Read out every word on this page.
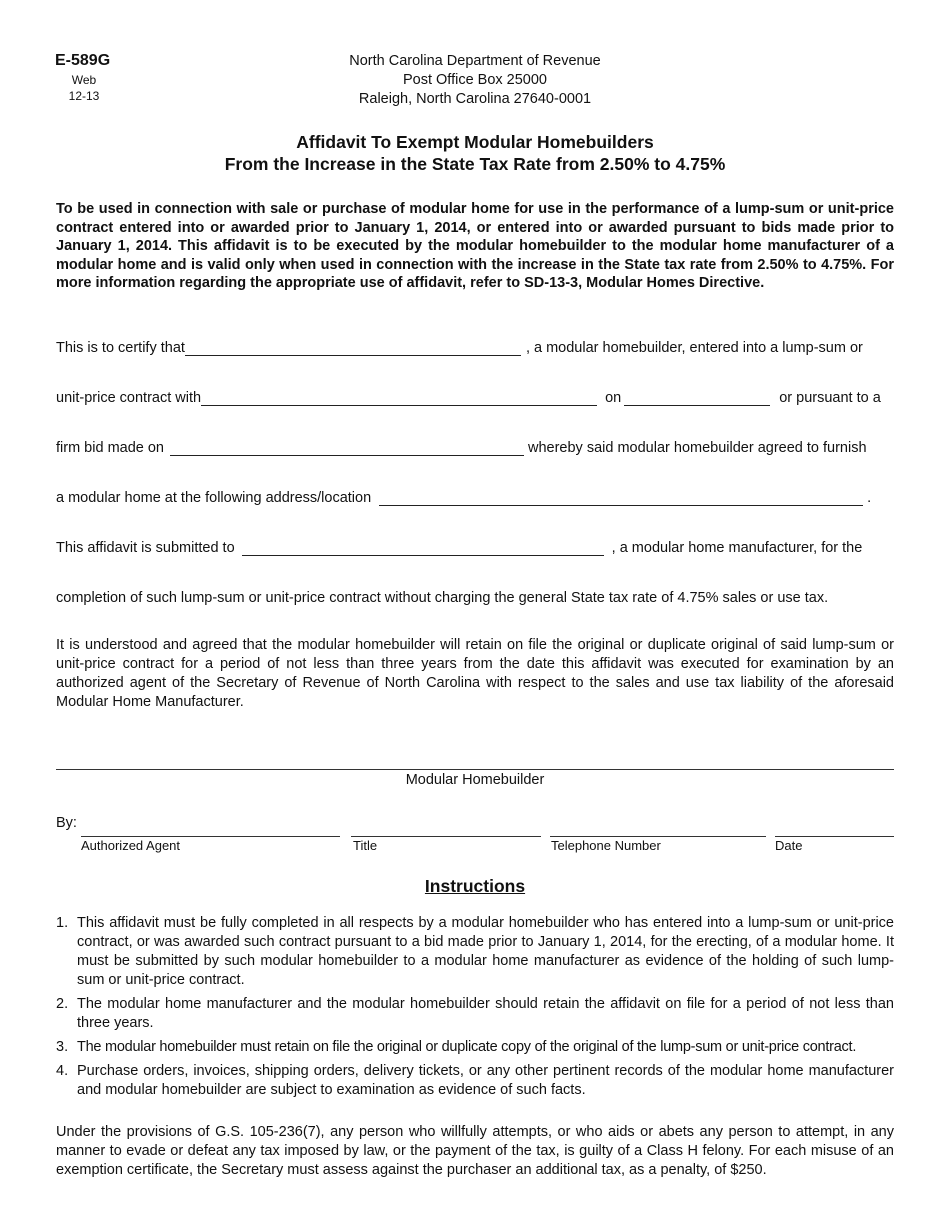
E-589G
Web
12-13
North Carolina Department of Revenue
Post Office Box 25000
Raleigh, North Carolina 27640-0001
Affidavit To Exempt Modular Homebuilders
From the Increase in the State Tax Rate from 2.50% to 4.75%
To be used in connection with sale or purchase of modular home for use in the performance of a lump-sum or unit-price contract entered into or awarded prior to January 1, 2014, or entered into or awarded pursuant to bids made prior to January 1, 2014. This affidavit is to be executed by the modular homebuilder to the modular home manufacturer of a modular home and is valid only when used in connection with the increase in the State tax rate from 2.50% to 4.75%. For more information regarding the appropriate use of affidavit, refer to SD-13-3, Modular Homes Directive.
This is to certify that	, a modular homebuilder, entered into a lump-sum or
unit-price contract with	on	or pursuant to a
firm bid made on	whereby said modular homebuilder agreed to furnish
a modular home at the following address/location	.
This affidavit is submitted to	, a modular home manufacturer, for the
completion of such lump-sum or unit-price contract without charging the general State tax rate of 4.75% sales or use tax.
It is understood and agreed that the modular homebuilder will retain on file the original or duplicate original of said lump-sum or unit-price contract for a period of not less than three years from the date this affidavit was executed for examination by an authorized agent of the Secretary of Revenue of North Carolina with respect to the sales and use tax liability of the aforesaid Modular Home Manufacturer.
Modular Homebuilder
By:
Authorized Agent	Title	Telephone Number	Date
Instructions
1. This affidavit must be fully completed in all respects by a modular homebuilder who has entered into a lump-sum or unit-price contract, or was awarded such contract pursuant to a bid made prior to January 1, 2014, for the erecting, of a modular home. It must be submitted by such modular homebuilder to a modular home manufacturer as evidence of the holding of such lump-sum or unit-price contract.
2. The modular home manufacturer and the modular homebuilder should retain the affidavit on file for a period of not less than three years.
3. The modular homebuilder must retain on file the original or duplicate copy of the original of the lump-sum or unit-price contract.
4. Purchase orders, invoices, shipping orders, delivery tickets, or any other pertinent records of the modular home manufacturer and modular homebuilder are subject to examination as evidence of such facts.
Under the provisions of G.S. 105-236(7), any person who willfully attempts, or who aids or abets any person to attempt, in any manner to evade or defeat any tax imposed by law, or the payment of the tax, is guilty of a Class H felony. For each misuse of an exemption certificate, the Secretary must assess against the purchaser an additional tax, as a penalty, of $250.
